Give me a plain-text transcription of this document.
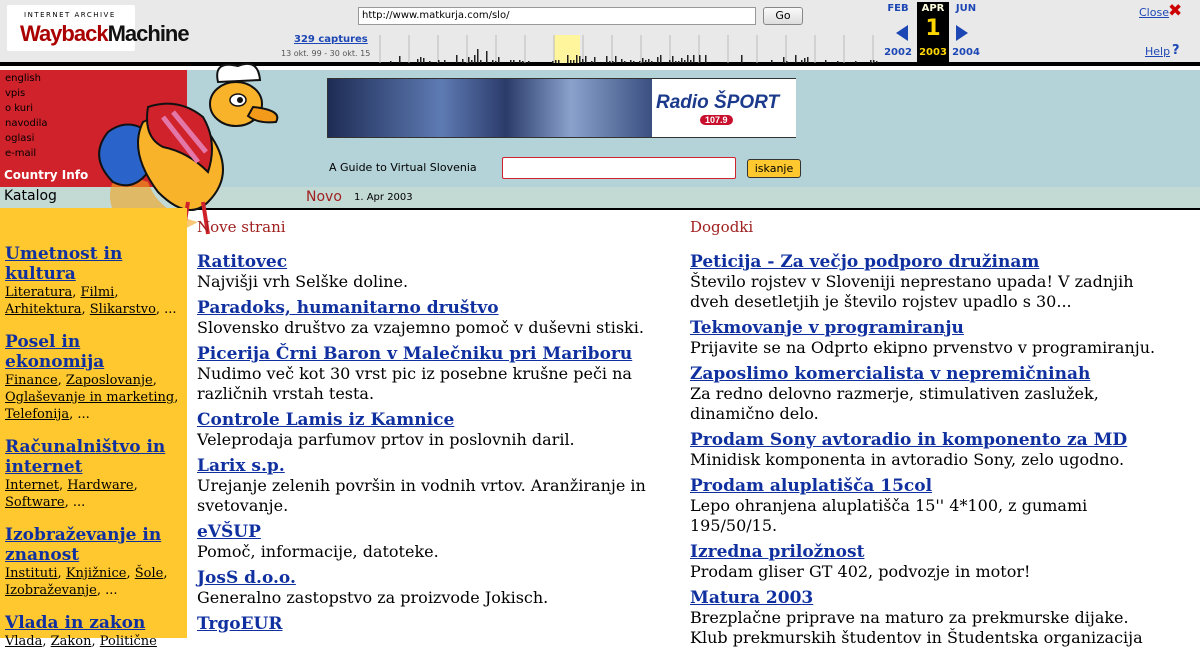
INTERNET ARCHIVE
WaybackMachine
http://www.matkurja.com/slo/	Go
329 captures
13 okt. 99 - 30 okt. 15
FEB
2002
APR
1
2003
JUN
2004
Close ✖
Help ?
english
vpis
o kuri
navodila
oglasi
e-mail
Country Info
Katalog	Novo 1. Apr 2003
Radio ŠPORT
107.9
A Guide to Virtual Slovenia	iskanje
Umetnost in kultura

Literatura, Filmi, Arhitektura, Slikarstvo, ...

Posel in ekonomija

Finance, Zaposlovanje, Oglaševanje in marketing, Telefonija, ...

Računalništvo in internet

Internet, Hardware, Software, ...

Izobraževanje in znanost

Instituti, Knjižnice, Šole, Izobraževanje, ...

Vlada in zakon

Vlada, Zakon, Politične

Nove strani	Dogodki
Ratitovec

Najvišji vrh Selške doline.

Paradoks, humanitarno društvo

Slovensko društvo za vzajemno pomoč v duševni stiski.

Picerija Črni Baron v Malečniku pri Mariboru

Nudimo več kot 30 vrst pic iz posebne krušne peči na različnih vrstah testa.

Controle Lamis iz Kamnice

Veleprodaja parfumov prtov in poslovnih daril.

Larix s.p.

Urejanje zelenih površin in vodnih vrtov. Aranžiranje in svetovanje.

eVŠUP

Pomoč, informacije, datoteke.

JosS d.o.o.

Generalno zastopstvo za proizvode Jokisch.

TrgoEUR
Peticija - Za večjo podporo družinam

Število rojstev v Sloveniji neprestano upada! V zadnjih dveh desetletjih je število rojstev upadlo s 30...

Tekmovanje v programiranju

Prijavite se na Odprto ekipno prvenstvo v programiranju.

Zaposlimo komercialista v nepremičninah

Za redno delovno razmerje, stimulativen zaslužek, dinamično delo.

Prodam Sony avtoradio in komponento za MD

Minidisk komponenta in avtoradio Sony, zelo ugodno.

Prodam aluplatišča 15col

Lepo ohranjena aluplatišča 15'' 4*100, z gumami 195/50/15.

Izredna priložnost

Prodam gliser GT 402, podvozje in motor!

Matura 2003

Brezplačne priprave na maturo za prekmurske dijake. Klub prekmurskih študentov in Študentska organizacija
